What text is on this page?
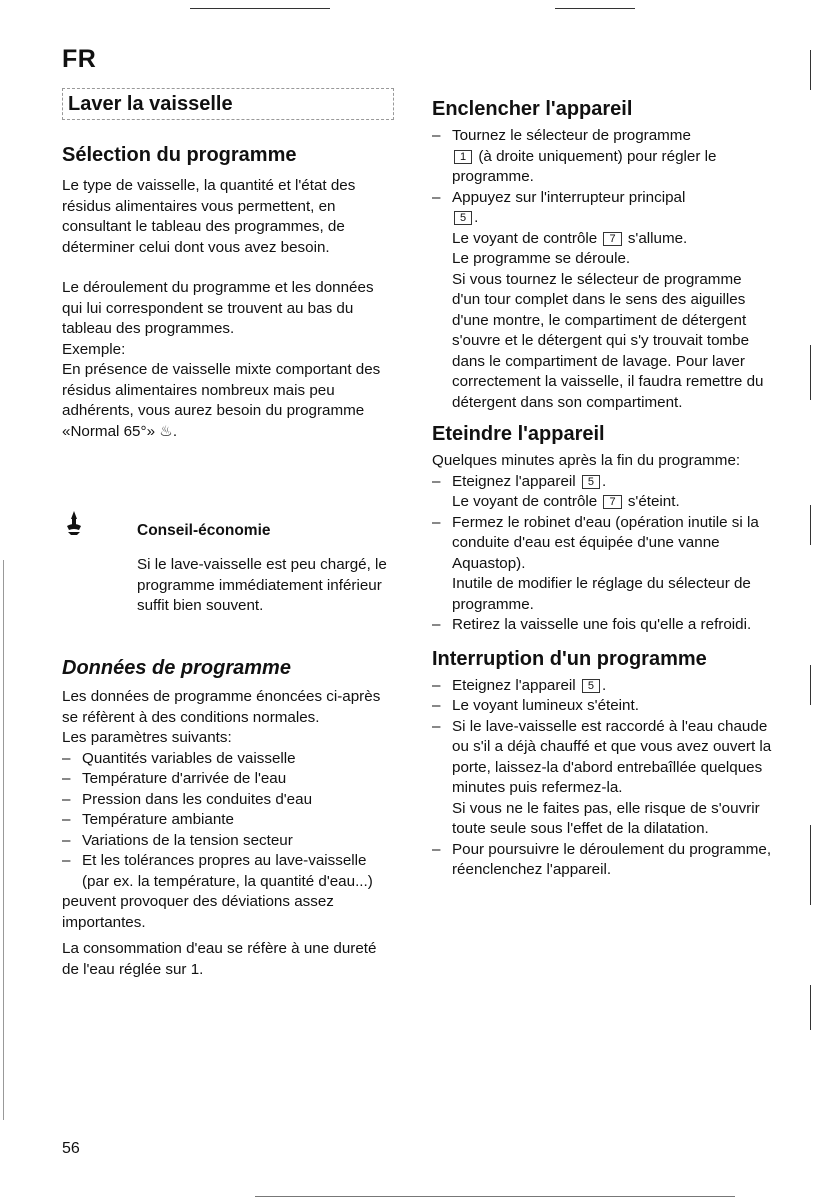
FR
Laver la vaisselle
Sélection du programme

Le type de vaisselle, la quantité et l'état des résidus alimentaires vous permettent, en consultant le tableau des programmes, de déterminer celui dont vous avez besoin.

Le déroulement du programme et les données qui lui correspondent se trouvent au bas du tableau des programmes.

Exemple:

En présence de vaisselle mixte comportant des résidus alimentaires nombreux mais peu adhérents, vous aurez besoin du programme «Normal 65°» ♨.

Conseil-économie
Si le lave-vaisselle est peu chargé, le programme immédiatement inférieur suffit bien souvent.
Données de programme

Les données de programme énoncées ci-après se réfèrent à des conditions normales.

Les paramètres suivants:

– Quantités variables de vaisselle
– Température d'arrivée de l'eau
– Pression dans les conduites d'eau
– Température ambiante
– Variations de la tension secteur
– Et les tolérances propres au lave-vaisselle (par ex. la température, la quantité d'eau...)

peuvent provoquer des déviations assez importantes.

La consommation d'eau se réfère à une dureté de l'eau réglée sur 1.

Enclencher l'appareil
– Tournez le sélecteur de programme
1 (à droite uniquement) pour régler le programme.
– Appuyez sur l'interrupteur principal
5 .
Le voyant de contrôle 7 s'allume.
Le programme se déroule.
Si vous tournez le sélecteur de programme d'un tour complet dans le sens des aiguilles d'une montre, le compartiment de détergent s'ouvre et le détergent qui s'y trouvait tombe dans le compartiment de lavage. Pour laver correctement la vaisselle, il faudra remettre du détergent dans son compartiment.
Eteindre l'appareil

Quelques minutes après la fin du programme:

– Eteignez l'appareil 5 .
Le voyant de contrôle 7 s'éteint.
– Fermez le robinet d'eau (opération inutile si la conduite d'eau est équipée d'une vanne Aquastop).
Inutile de modifier le réglage du sélecteur de programme.
– Retirez la vaisselle une fois qu'elle a refroidi.
Interruption d'un programme
– Eteignez l'appareil 5 .
– Le voyant lumineux s'éteint.
– Si le lave-vaisselle est raccordé à l'eau chaude ou s'il a déjà chauffé et que vous avez ouvert la porte, laissez-la d'abord entrebaîllée quelques minutes puis refermez-la.
Si vous ne le faites pas, elle risque de s'ouvrir toute seule sous l'effet de la dilatation.
– Pour poursuivre le déroulement du programme, réenclenchez l'appareil.
56
